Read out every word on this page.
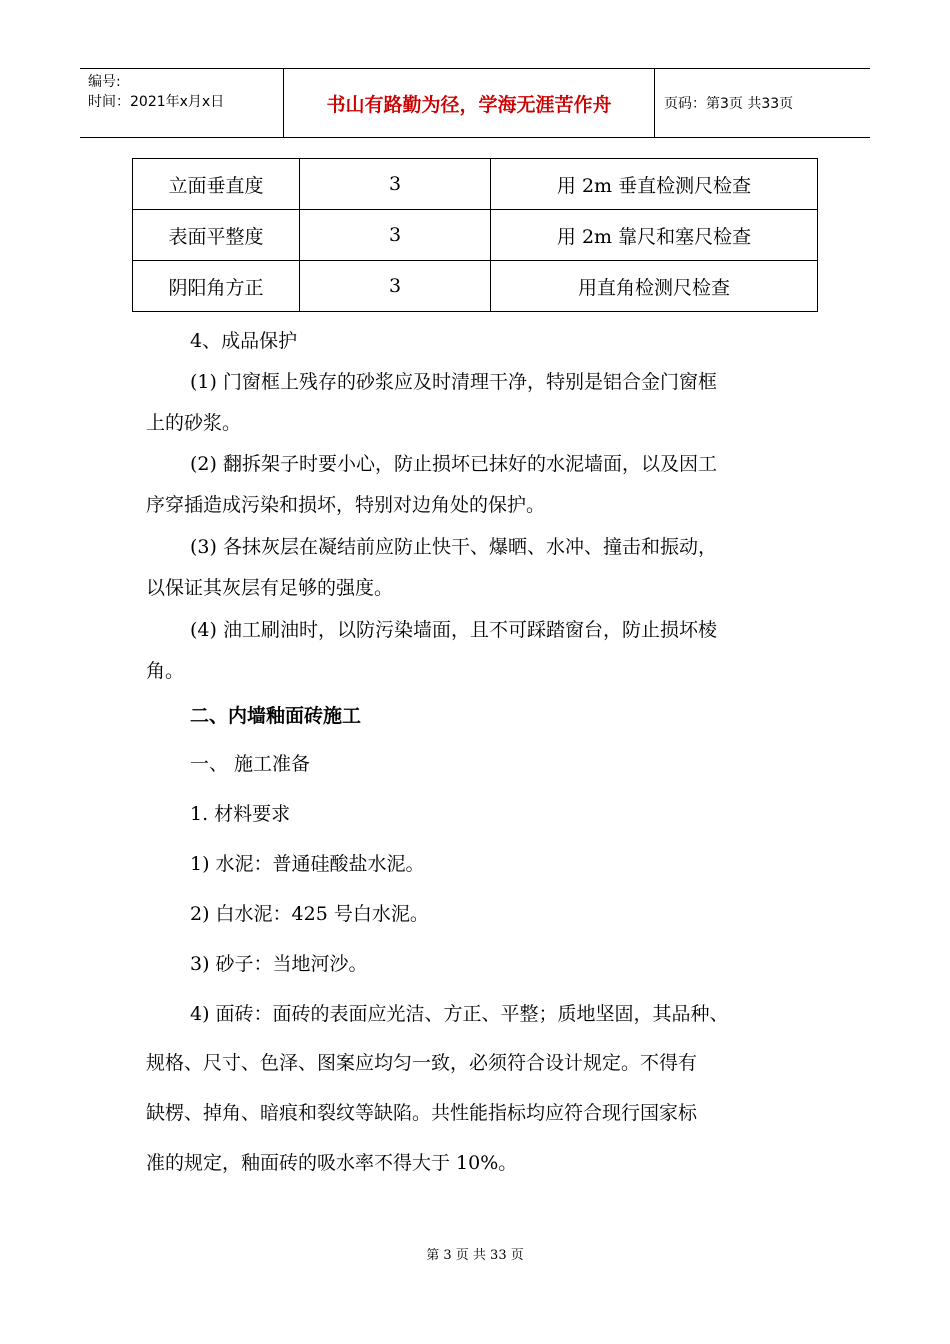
编号:
时间：2021年x月x日	书山有路勤为径，学海无涯苦作舟	页码：第3页 共33页
立面垂直度	3	用 2m 垂直检测尺检查
表面平整度	3	用 2m 靠尺和塞尺检查
阴阳角方正	3	用直角检测尺检查
4、成品保护
(1) 门窗框上残存的砂浆应及时清理干净，特别是铝合金门窗框
上的砂浆。
(2) 翻拆架子时要小心，防止损坏已抹好的水泥墙面，以及因工
序穿插造成污染和损坏，特别对边角处的保护。
(3) 各抹灰层在凝结前应防止快干、爆晒、水冲、撞击和振动，
以保证其灰层有足够的强度。
(4) 油工刷油时，以防污染墙面，且不可踩踏窗台，防止损坏棱
角。
二、内墙釉面砖施工
一、 施工准备
1. 材料要求
1) 水泥：普通硅酸盐水泥。
2) 白水泥：425 号白水泥。
3) 砂子：当地河沙。
4) 面砖：面砖的表面应光洁、方正、平整；质地坚固，其品种、
规格、尺寸、色泽、图案应均匀一致，必须符合设计规定。不得有
缺楞、掉角、暗痕和裂纹等缺陷。共性能指标均应符合现行国家标
准的规定，釉面砖的吸水率不得大于 10%。
第 3 页 共 33 页
